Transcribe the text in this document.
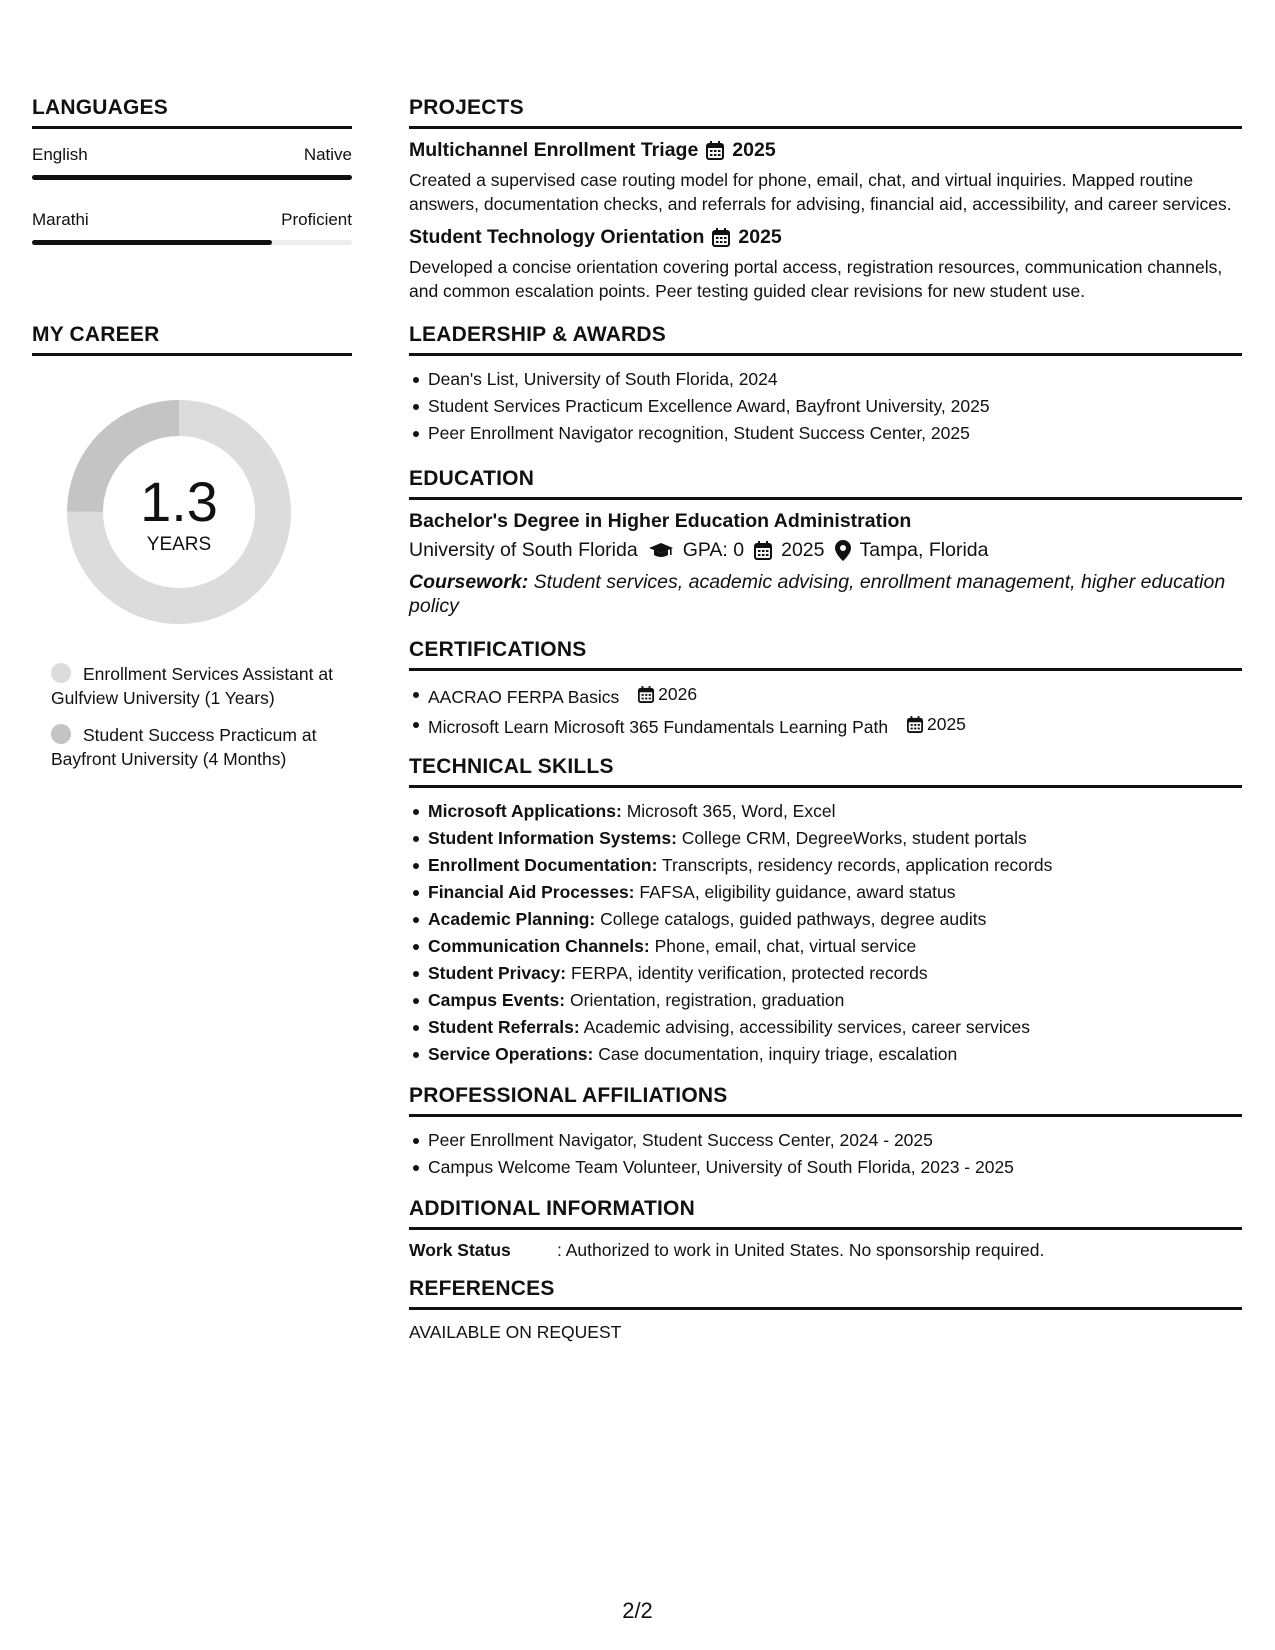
LANGUAGES
English	Native
Marathi	Proficient
MY CAREER
1.3
YEARS
Enrollment Services Assistant at Gulfview University (1 Years)
Student Success Practicum at Bayfront University (4 Months)
PROJECTS
Multichannel Enrollment Triage 2025
Created a supervised case routing model for phone, email, chat, and virtual inquiries. Mapped routine answers, documentation checks, and referrals for advising, financial aid, accessibility, and career services.
Student Technology Orientation 2025
Developed a concise orientation covering portal access, registration resources, communication channels, and common escalation points. Peer testing guided clear revisions for new student use.
LEADERSHIP & AWARDS
Dean's List, University of South Florida, 2024
Student Services Practicum Excellence Award, Bayfront University, 2025
Peer Enrollment Navigator recognition, Student Success Center, 2025
EDUCATION
Bachelor's Degree in Higher Education Administration
University of South Florida GPA: 0 2025 Tampa, Florida
Coursework: Student services, academic advising, enrollment management, higher education policy
CERTIFICATIONS
AACRAO FERPA Basics 2026
Microsoft Learn Microsoft 365 Fundamentals Learning Path 2025
TECHNICAL SKILLS
Microsoft Applications: Microsoft 365, Word, Excel
Student Information Systems: College CRM, DegreeWorks, student portals
Enrollment Documentation: Transcripts, residency records, application records
Financial Aid Processes: FAFSA, eligibility guidance, award status
Academic Planning: College catalogs, guided pathways, degree audits
Communication Channels: Phone, email, chat, virtual service
Student Privacy: FERPA, identity verification, protected records
Campus Events: Orientation, registration, graduation
Student Referrals: Academic advising, accessibility services, career services
Service Operations: Case documentation, inquiry triage, escalation
PROFESSIONAL AFFILIATIONS
Peer Enrollment Navigator, Student Success Center, 2024 - 2025
Campus Welcome Team Volunteer, University of South Florida, 2023 - 2025
ADDITIONAL INFORMATION
Work Status	: Authorized to work in United States. No sponsorship required.
REFERENCES
AVAILABLE ON REQUEST
2/2
